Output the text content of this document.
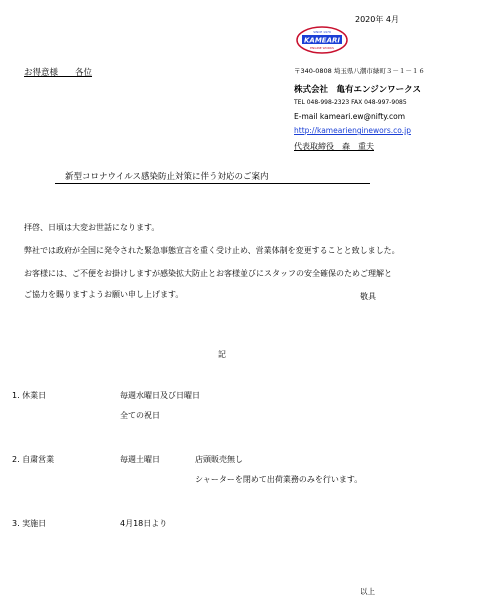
2020年 4月
SINCE 1979
KAMEARI
ENGINE WORKS
お得意様　　各位	〒340-0808 埼玉県八潮市緑町３－１－１６
株式会社　亀有エンジンワークス
TEL 048-998-2323 FAX 048-997-9085
E-mail kameari.ew@nifty.com
http://kamearienginewors.co.jp
代表取締役　森　重夫
新型コロナウイルス感染防止対策に伴う対応のご案内
拝啓、日頃は大変お世話になります。
弊社では政府が全国に発令された緊急事態宣言を重く受け止め、営業体制を変更することと致しました。
お客様には、ご不便をお掛けしますが感染拡大防止とお客様並びにスタッフの安全確保のためご理解と
ご協力を賜りますようお願い申し上げます。	敬具
記
1. 休業日	毎週水曜日及び日曜日
全ての祝日
2. 自粛営業	毎週土曜日	店頭販売無し
シャーターを閉めて出荷業務のみを行います。
3. 実施日	4月18日より
以上
